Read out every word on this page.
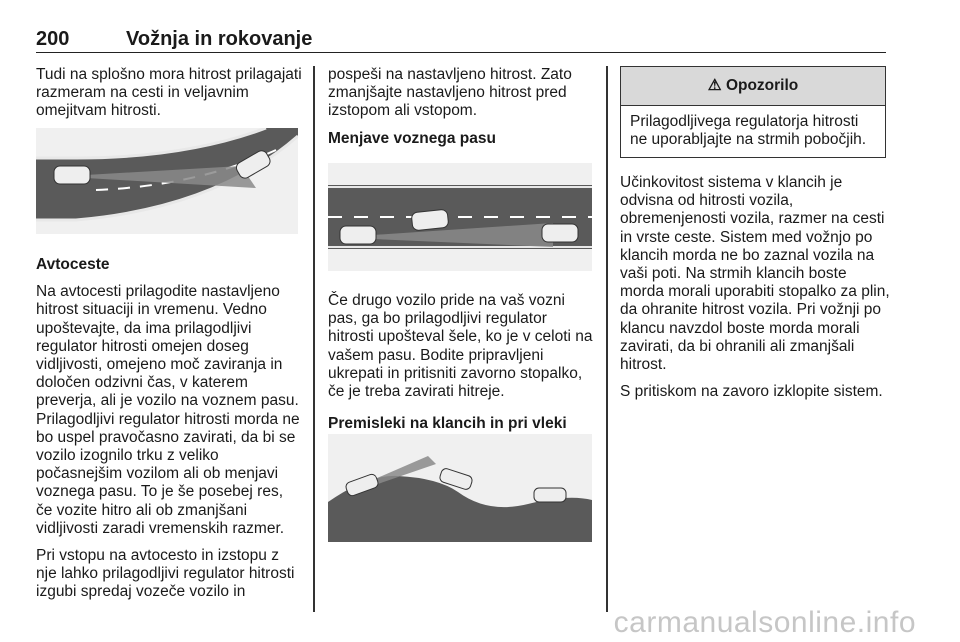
200	Vožnja in rokovanje

Tudi na splošno mora hitrost prilagajati razmeram na cesti in veljavnim omejitvam hitrosti.

Avtoceste

Na avtocesti prilagodite nastavljeno hitrost situaciji in vremenu. Vedno upoštevajte, da ima prilagodljivi regulator hitrosti omejen doseg vidljivosti, omejeno moč zaviranja in določen odzivni čas, v katerem preverja, ali je vozilo na voznem pasu. Prilagodljivi regulator hitrosti morda ne bo uspel pravočasno zavirati, da bi se vozilo izognilo trku z veliko počasnejšim vozilom ali ob menjavi voznega pasu. To je še posebej res, če vozite hitro ali ob zmanjšani vidljivosti zaradi vremenskih razmer.

Pri vstopu na avtocesto in izstopu z nje lahko prilagodljivi regulator hitrosti izgubi spredaj vozeče vozilo in

pospeši na nastavljeno hitrost. Zato zmanjšajte nastavljeno hitrost pred izstopom ali vstopom.

Menjave voznega pasu

Če drugo vozilo pride na vaš vozni pas, ga bo prilagodljivi regulator hitrosti upošteval šele, ko je v celoti na vašem pasu. Bodite pripravljeni ukrepati in pritisniti zavorno stopalko, če je treba zavirati hitreje.

Premisleki na klancih in pri vleki

⚠ Opozorilo
Prilagodljivega regulatorja hitrosti ne uporabljajte na strmih pobočjih.

Učinkovitost sistema v klancih je odvisna od hitrosti vozila, obremenjenosti vozila, razmer na cesti in vrste ceste. Sistem med vožnjo po klancih morda ne bo zaznal vozila na vaši poti. Na strmih klancih boste morda morali uporabiti stopalko za plin, da ohranite hitrost vozila. Pri vožnji po klancu navzdol boste morda morali zavirati, da bi ohranili ali zmanjšali hitrost.

S pritiskom na zavoro izklopite sistem.

carmanualsonline.info
